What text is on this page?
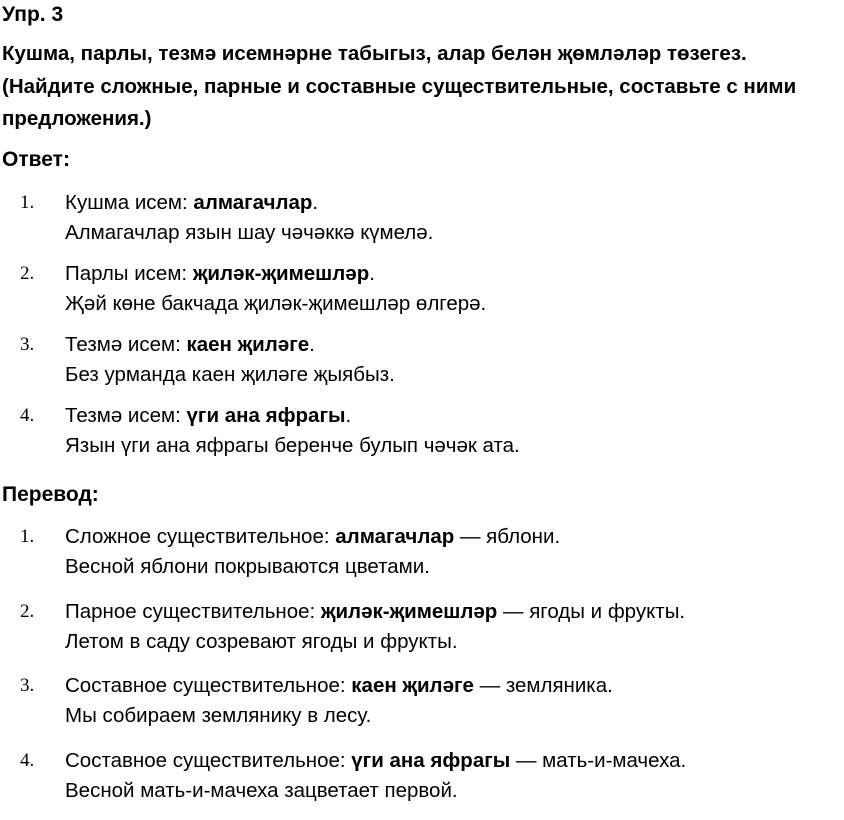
Упр. 3

Кушма, парлы, тезмә исемнәрне табыгыз, алар белән җөмләләр төзегез. (Найдите сложные, парные и составные существительные, составьте с ними предложения.)

Ответ:
1. Кушма исем: алмагачлар.
Алмагачлар язын шау чәчәккә күмелә.
2. Парлы исем: җиләк-җимешләр.
Җәй көне бакчада җиләк-җимешләр өлгерә.
3. Тезмә исем: каен җиләге.
Без урманда каен җиләге җыябыз.
4. Тезмә исем: үги ана яфрагы.
Язын үги ана яфрагы беренче булып чәчәк ата.
Перевод:
1. Сложное существительное: алмагачлар — яблони.
Весной яблони покрываются цветами.
2. Парное существительное: җиләк-җимешләр — ягоды и фрукты.
Летом в саду созревают ягоды и фрукты.
3. Составное существительное: каен җиләге — земляника.
Мы собираем землянику в лесу.
4. Составное существительное: үги ана яфрагы — мать-и-мачеха.
Весной мать-и-мачеха зацветает первой.
